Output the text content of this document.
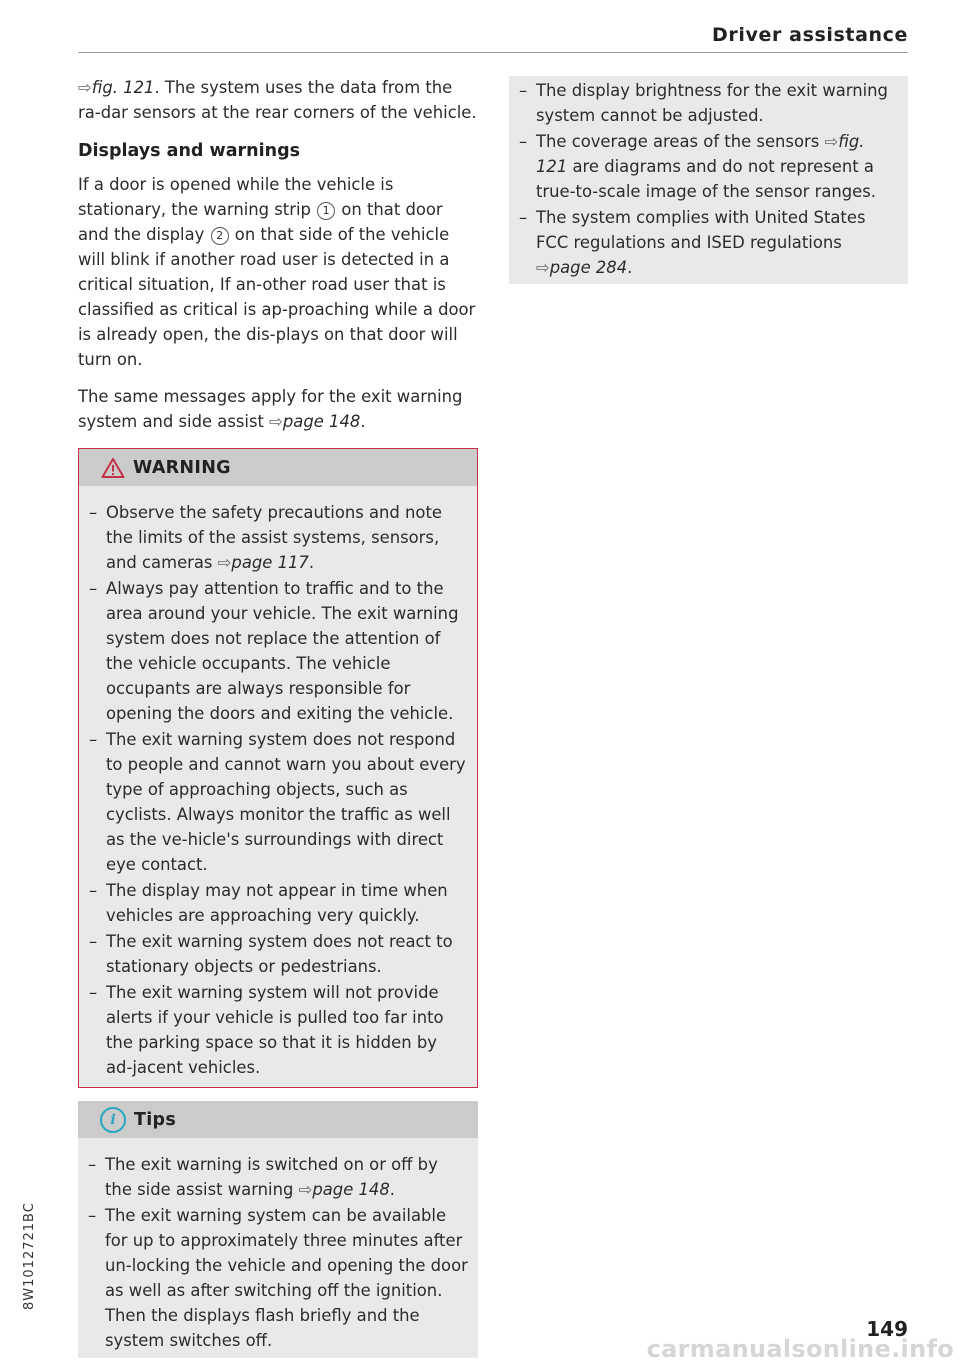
Driver assistance

⇨fig. 121. The system uses the data from the ra-dar sensors at the rear corners of the vehicle.

Displays and warnings

If a door is opened while the vehicle is stationary, the warning strip 1 on that door and the display 2 on that side of the vehicle will blink if another road user is detected in a critical situation, If an-other road user that is classified as critical is ap-proaching while a door is already open, the dis-plays on that door will turn on.

The same messages apply for the exit warning system and side assist ⇨page 148.

WARNING
– Observe the safety precautions and note the limits of the assist systems, sensors, and cameras ⇨page 117.
– Always pay attention to traffic and to the area around your vehicle. The exit warning system does not replace the attention of the vehicle occupants. The vehicle occupants are always responsible for opening the doors and exiting the vehicle.
– The exit warning system does not respond to people and cannot warn you about every type of approaching objects, such as cyclists. Always monitor the traffic as well as the ve-hicle's surroundings with direct eye contact.
– The display may not appear in time when vehicles are approaching very quickly.
– The exit warning system does not react to stationary objects or pedestrians.
– The exit warning system will not provide alerts if your vehicle is pulled too far into the parking space so that it is hidden by ad-jacent vehicles.
i	Tips
– The exit warning is switched on or off by the side assist warning ⇨page 148.
– The exit warning system can be available for up to approximately three minutes after un-locking the vehicle and opening the door as well as after switching off the ignition. Then the displays flash briefly and the system switches off.
– The display brightness for the exit warning system cannot be adjusted.
– The coverage areas of the sensors ⇨fig. 121 are diagrams and do not represent a true-to-scale image of the sensor ranges.
– The system complies with United States FCC regulations and ISED regulations ⇨page 284.
8W1012721BC
149
carmanualsonline.info
